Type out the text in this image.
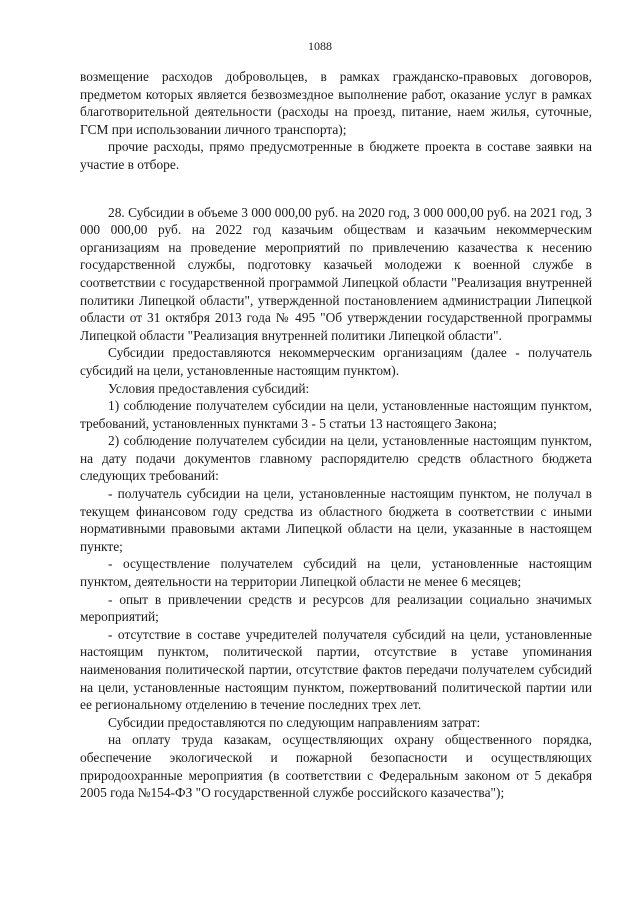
1088

возмещение расходов добровольцев, в рамках гражданско-правовых договоров, предметом которых является безвозмездное выполнение работ, оказание услуг в рамках благотворительной деятельности (расходы на проезд, питание, наем жилья, суточные, ГСМ при использовании личного транспорта);

прочие расходы, прямо предусмотренные в бюджете проекта в составе заявки на участие в отборе.

28. Субсидии в объеме 3 000 000,00 руб. на 2020 год, 3 000 000,00 руб. на 2021 год, 3 000 000,00 руб. на 2022 год казачьим обществам и казачьим некоммерческим организациям на проведение мероприятий по привлечению казачества к несению государственной службы, подготовку казачьей молодежи к военной службе в соответствии с государственной программой Липецкой области "Реализация внутренней политики Липецкой области", утвержденной постановлением администрации Липецкой области от 31 октября 2013 года № 495 "Об утверждении государственной программы Липецкой области "Реализация внутренней политики Липецкой области".

Субсидии предоставляются некоммерческим организациям (далее - получатель субсидий на цели, установленные настоящим пунктом).

Условия предоставления субсидий:

1) соблюдение получателем субсидии на цели, установленные настоящим пунктом, требований, установленных пунктами 3 - 5 статьи 13 настоящего Закона;

2) соблюдение получателем субсидии на цели, установленные настоящим пунктом, на дату подачи документов главному распорядителю средств областного бюджета следующих требований:

- получатель субсидии на цели, установленные настоящим пунктом, не получал в текущем финансовом году средства из областного бюджета в соответствии с иными нормативными правовыми актами Липецкой области на цели, указанные в настоящем пункте;

- осуществление получателем субсидий на цели, установленные настоящим пунктом, деятельности на территории Липецкой области не менее 6 месяцев;

- опыт в привлечении средств и ресурсов для реализации социально значимых мероприятий;

- отсутствие в составе учредителей получателя субсидий на цели, установленные настоящим пунктом, политической партии, отсутствие в уставе упоминания наименования политической партии, отсутствие фактов передачи получателем субсидий на цели, установленные настоящим пунктом, пожертвований политической партии или ее региональному отделению в течение последних трех лет.

Субсидии предоставляются по следующим направлениям затрат:

на оплату труда казакам, осуществляющих охрану общественного порядка, обеспечение экологической и пожарной безопасности и осуществляющих природоохранные мероприятия (в соответствии с Федеральным законом от 5 декабря 2005 года №154-ФЗ "О государственной службе российского казачества");
